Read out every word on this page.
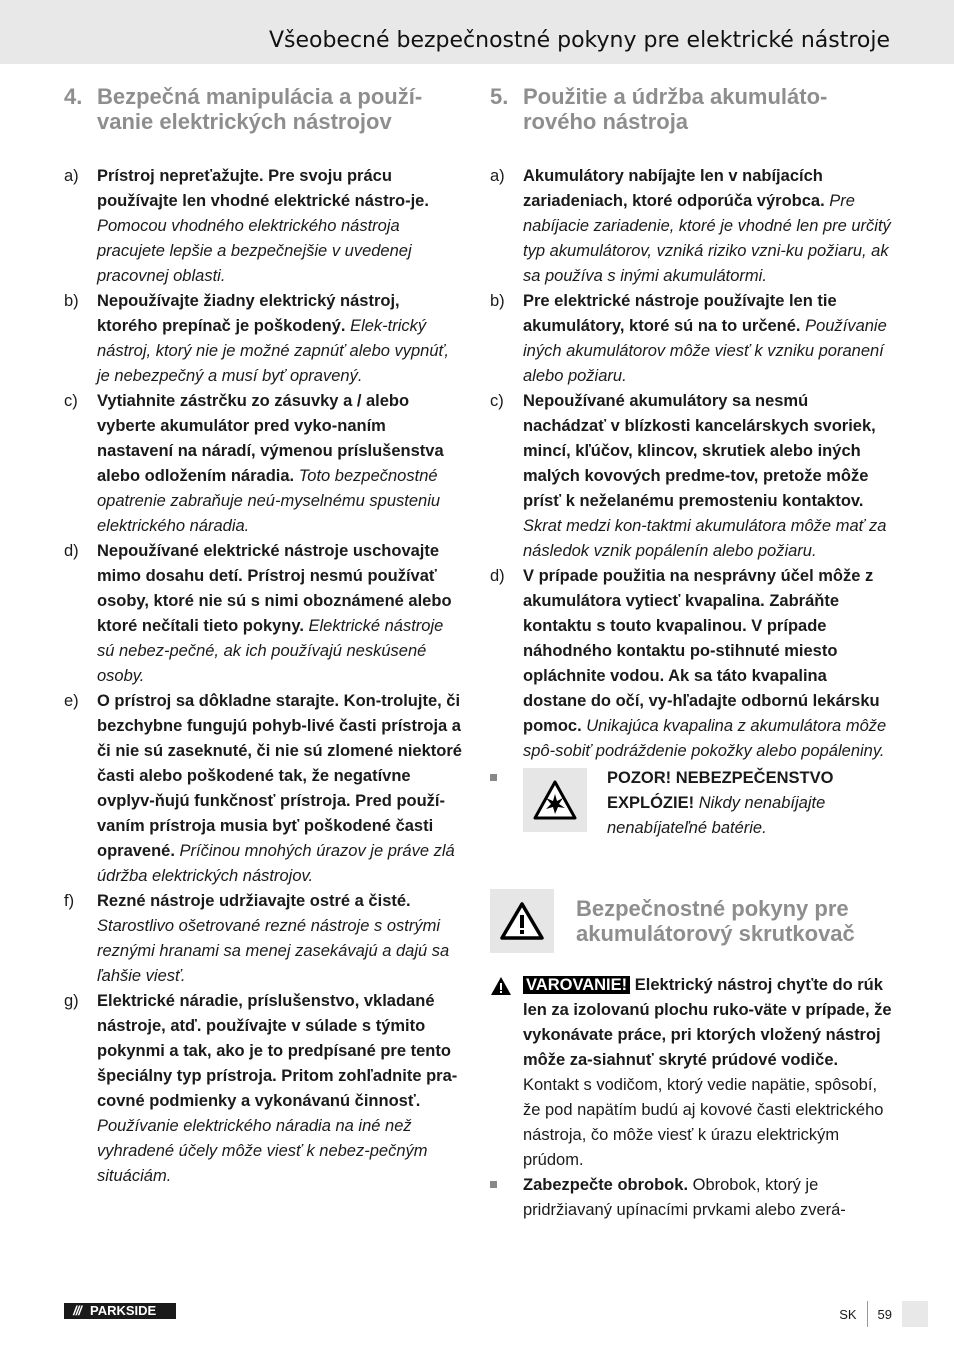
Všeobecné bezpečnostné pokyny pre elektrické nástroje
4. Bezpečná manipulácia a použí-vanie elektrických nástrojov
a)	Prístroj nepreťažujte. Pre svoju prácu používajte len vhodné elektrické nástro-je. Pomocou vhodného elektrického nástroja pracujete lepšie a bezpečnejšie v uvedenej pracovnej oblasti.
b)	Nepoužívajte žiadny elektrický nástroj, ktorého prepínač je poškodený. Elek-trický nástroj, ktorý nie je možné zapnúť alebo vypnúť, je nebezpečný a musí byť opravený.
c)	Vytiahnite zástrčku zo zásuvky a / alebo vyberte akumulátor pred vyko-naním nastavení na náradí, výmenou príslušenstva alebo odložením náradia. Toto bezpečnostné opatrenie zabraňuje neú-myselnému spusteniu elektrického náradia.
d)	Nepoužívané elektrické nástroje uschovajte mimo dosahu detí. Prístroj nesmú používať osoby, ktoré nie sú s nimi oboznámené alebo ktoré nečítali tieto pokyny. Elektrické nástroje sú nebez-pečné, ak ich používajú neskúsené osoby.
e)	O prístroj sa dôkladne starajte. Kon-trolujte, či bezchybne fungujú pohyb-livé časti prístroja a či nie sú zaseknuté, či nie sú zlomené niektoré časti alebo poškodené tak, že negatívne ovplyv-ňujú funkčnosť prístroja. Pred použí-vaním prístroja musia byť poškodené časti opravené. Príčinou mnohých úrazov je práve zlá údržba elektrických nástrojov.
f)	Rezné nástroje udržiavajte ostré a čisté. Starostlivo ošetrované rezné nástroje s ostrými reznými hranami sa menej zasekávajú a dajú sa ľahšie viesť.
g)	Elektrické náradie, príslušenstvo, vkladané nástroje, atď. používajte v súlade s týmito pokynmi a tak, ako je to predpísané pre tento špeciálny typ prístroja. Pritom zohľadnite pra-covné podmienky a vykonávanú činnosť. Používanie elektrického náradia na iné než vyhradené účely môže viesť k nebez-pečným situáciám.
5. Použitie a údržba akumuláto-rového nástroja
a)	Akumulátory nabíjajte len v nabíjacích zariadeniach, ktoré odporúča výrobca. Pre nabíjacie zariadenie, ktoré je vhodné len pre určitý typ akumulátorov, vzniká riziko vzni-ku požiaru, ak sa používa s inými akumulátormi.
b)	Pre elektrické nástroje používajte len tie akumulátory, ktoré sú na to určené. Používanie iných akumulátorov môže viesť k vzniku poranení alebo požiaru.
c)	Nepoužívané akumulátory sa nesmú nachádzať v blízkosti kancelárskych svoriek, mincí, kľúčov, klincov, skrutiek alebo iných malých kovových predme-tov, pretože môže prísť k neželanému premosteniu kontaktov. Skrat medzi kon-taktmi akumulátora môže mať za následok vznik popálenín alebo požiaru.
d)	V prípade použitia na nesprávny účel môže z akumulátora vytiecť kvapalina. Zabráňte kontaktu s touto kvapalinou. V prípade náhodného kontaktu po-stihnuté miesto opláchnite vodou. Ak sa táto kvapalina dostane do očí, vy-hľadajte odbornú lekársku pomoc. Unikajúca kvapalina z akumulátora môže spô-sobiť podráždenie pokožky alebo popáleniny.
POZOR! NEBEZPEČENSTVO EXPLÓZIE! Nikdy nenabíjajte nenabíjateľné batérie.
Bezpečnostné pokyny pre akumulátorový skrutkovač
VAROVANIE! Elektrický nástroj chyťte do rúk len za izolovanú plochu ruko-väte v prípade, že vykonávate práce, pri ktorých vložený nástroj môže za-siahnuť skryté prúdové vodiče. Kontakt s vodičom, ktorý vedie napätie, spôsobí, že pod napätím budú aj kovové časti elektrického nástroja, čo môže viesť k úrazu elektrickým prúdom.
Zabezpečte obrobok. Obrobok, ktorý je pridržiavaný upínacími prvkami alebo zverá-
/// PARKSIDE	SK 59
